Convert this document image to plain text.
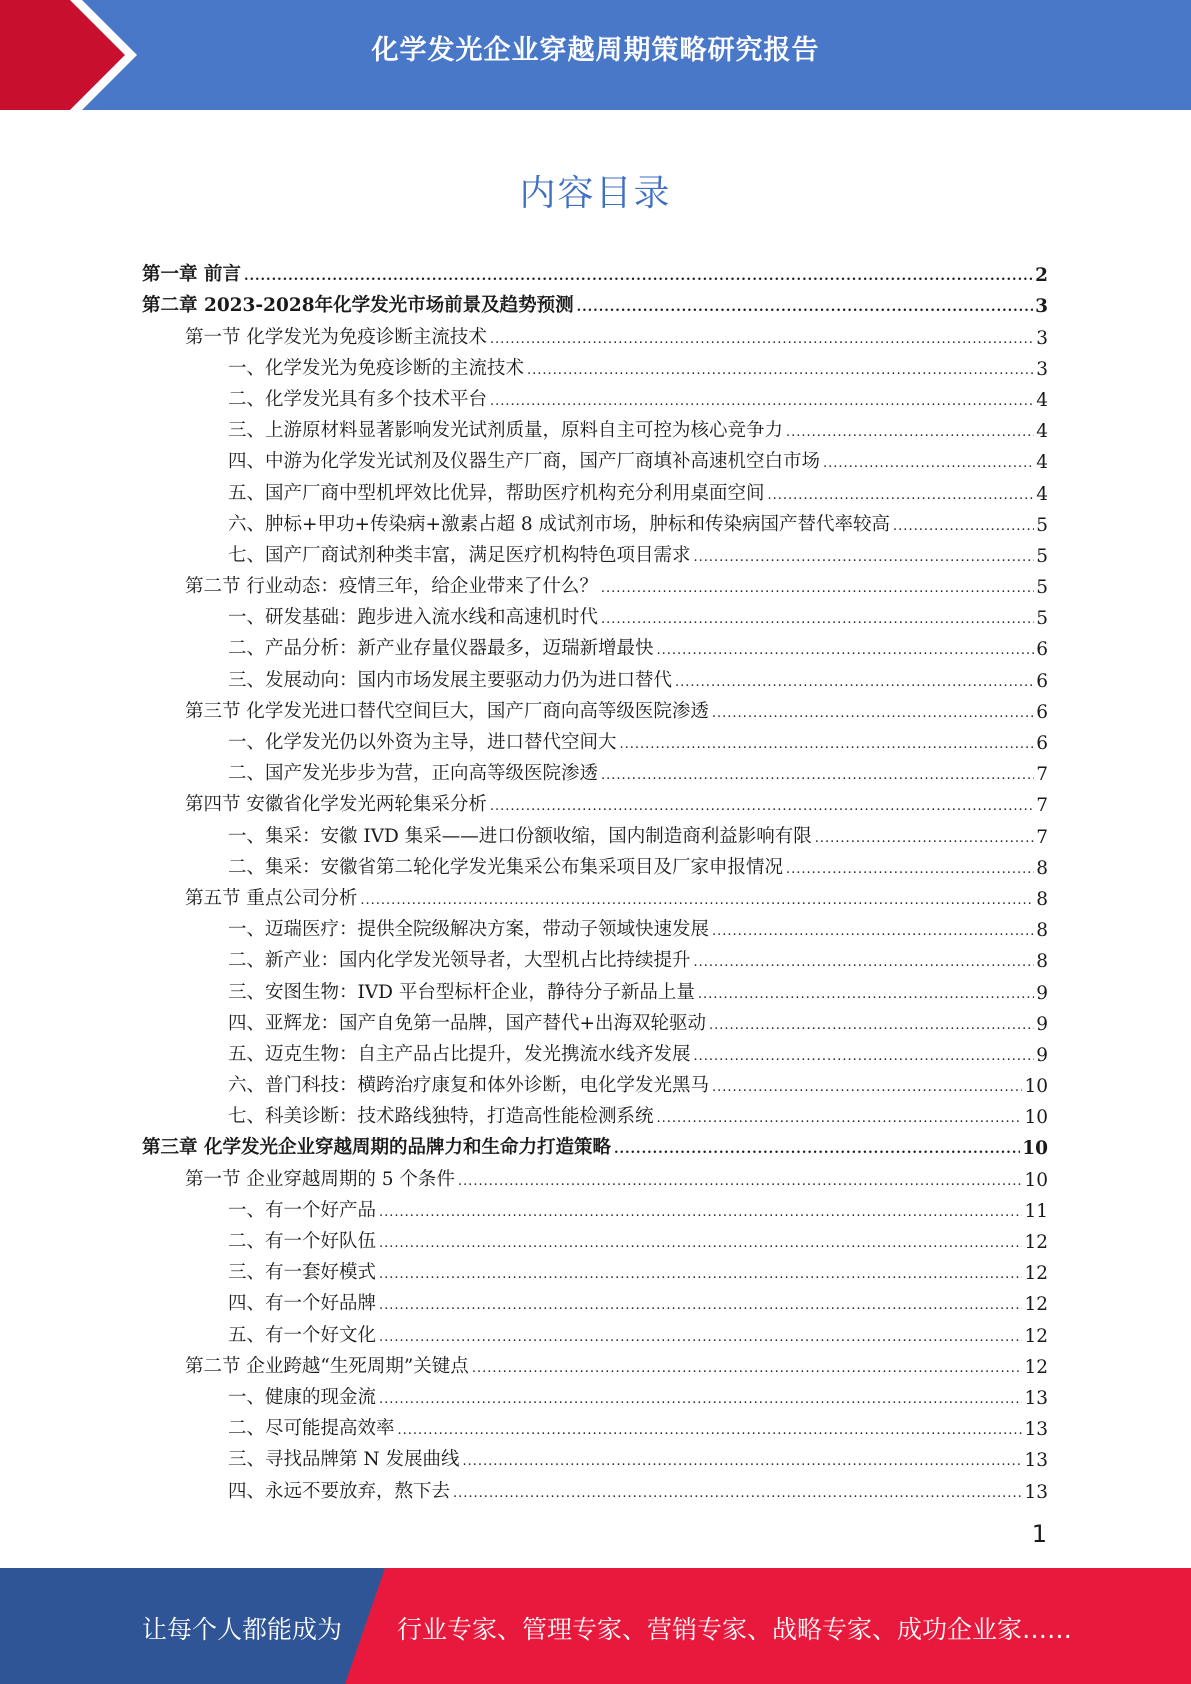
化学发光企业穿越周期策略研究报告
内容目录
第一章 前言 .....	2
第二章 2023-2028年化学发光市场前景及趋势预测 .....	3
第一节 化学发光为免疫诊断主流技术 .....	3
一、化学发光为免疫诊断的主流技术 .....	3
二、化学发光具有多个技术平台 .....	4
三、上游原材料显著影响发光试剂质量，原料自主可控为核心竞争力 .....	4
四、中游为化学发光试剂及仪器生产厂商，国产厂商填补高速机空白市场 .....	4
五、国产厂商中型机坪效比优异，帮助医疗机构充分利用桌面空间 .....	4
六、肿标+甲功+传染病+激素占超 8 成试剂市场，肿标和传染病国产替代率较高 .....	5
七、国产厂商试剂种类丰富，满足医疗机构特色项目需求 .....	5
第二节 行业动态：疫情三年，给企业带来了什么？ .....	5
一、研发基础：跑步进入流水线和高速机时代 .....	5
二、产品分析：新产业存量仪器最多，迈瑞新增最快 .....	6
三、发展动向：国内市场发展主要驱动力仍为进口替代 .....	6
第三节 化学发光进口替代空间巨大，国产厂商向高等级医院渗透 .....	6
一、化学发光仍以外资为主导，进口替代空间大 .....	6
二、国产发光步步为营，正向高等级医院渗透 .....	7
第四节 安徽省化学发光两轮集采分析 .....	7
一、集采：安徽 IVD 集采——进口份额收缩，国内制造商利益影响有限 .....	7
二、集采：安徽省第二轮化学发光集采公布集采项目及厂家申报情况 .....	8
第五节 重点公司分析 .....	8
一、迈瑞医疗：提供全院级解决方案，带动子领域快速发展 .....	8
二、新产业：国内化学发光领导者，大型机占比持续提升 .....	8
三、安图生物：IVD 平台型标杆企业，静待分子新品上量 .....	9
四、亚辉龙：国产自免第一品牌，国产替代+出海双轮驱动 .....	9
五、迈克生物：自主产品占比提升，发光携流水线齐发展 .....	9
六、普门科技：横跨治疗康复和体外诊断，电化学发光黑马 .....	10
七、科美诊断：技术路线独特，打造高性能检测系统 .....	10
第三章 化学发光企业穿越周期的品牌力和生命力打造策略 .....	10
第一节 企业穿越周期的 5 个条件 .....	10
一、有一个好产品 .....	11
二、有一个好队伍 .....	12
三、有一套好模式 .....	12
四、有一个好品牌 .....	12
五、有一个好文化 .....	12
第二节 企业跨越“生死周期”关键点 .....	12
一、健康的现金流 .....	13
二、尽可能提高效率 .....	13
三、寻找品牌第 N 发展曲线 .....	13
四、永远不要放弃，熬下去 .....	13
1
让每个人都能成为 行业专家、管理专家、营销专家、战略专家、成功企业家……
